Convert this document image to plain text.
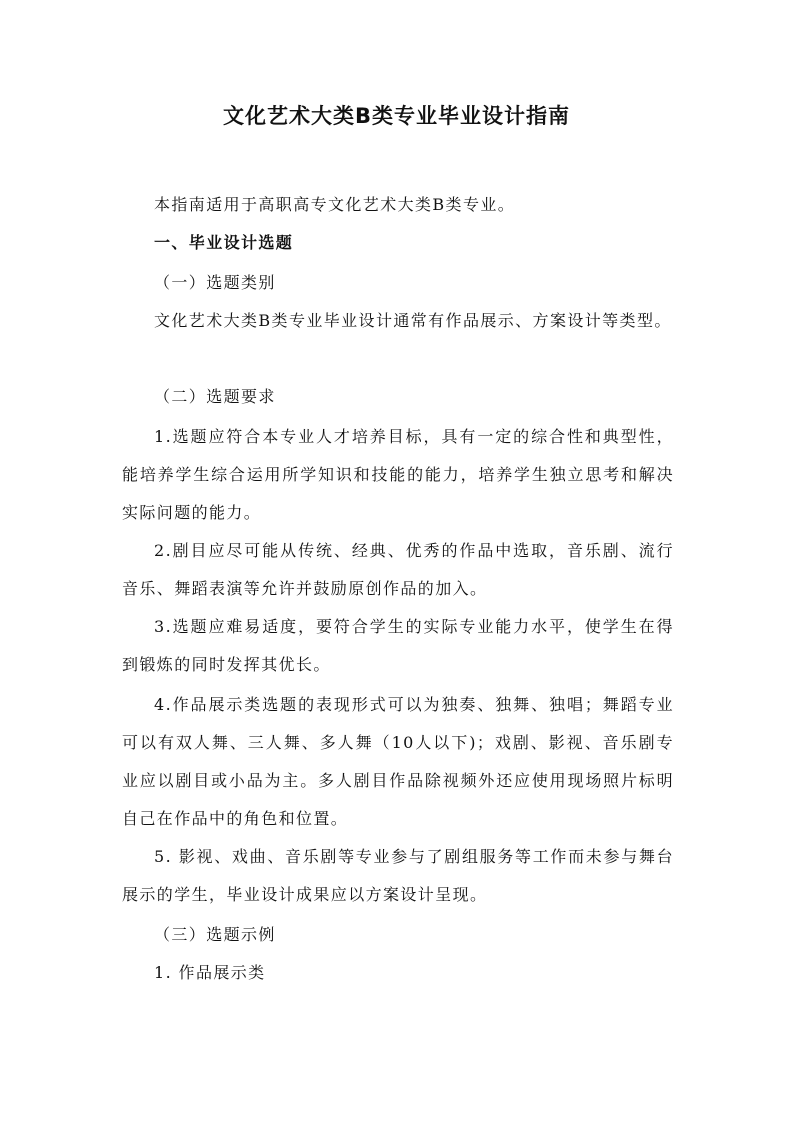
文化艺术大类B类专业毕业设计指南

本指南适用于高职高专文化艺术大类B类专业。

一、毕业设计选题

（一）选题类别

文化艺术大类B类专业毕业设计通常有作品展示、方案设计等类型。

（二）选题要求

1.选题应符合本专业人才培养目标，具有一定的综合性和典型性，能培养学生综合运用所学知识和技能的能力，培养学生独立思考和解决实际问题的能力。

2.剧目应尽可能从传统、经典、优秀的作品中选取，音乐剧、流行音乐、舞蹈表演等允许并鼓励原创作品的加入。

3.选题应难易适度，要符合学生的实际专业能力水平，使学生在得到锻炼的同时发挥其优长。

4.作品展示类选题的表现形式可以为独奏、独舞、独唱；舞蹈专业可以有双人舞、三人舞、多人舞（10人以下)；戏剧、影视、音乐剧专业应以剧目或小品为主。多人剧目作品除视频外还应使用现场照片标明自己在作品中的角色和位置。

5. 影视、戏曲、音乐剧等专业参与了剧组服务等工作而未参与舞台展示的学生，毕业设计成果应以方案设计呈现。

（三）选题示例

1. 作品展示类
